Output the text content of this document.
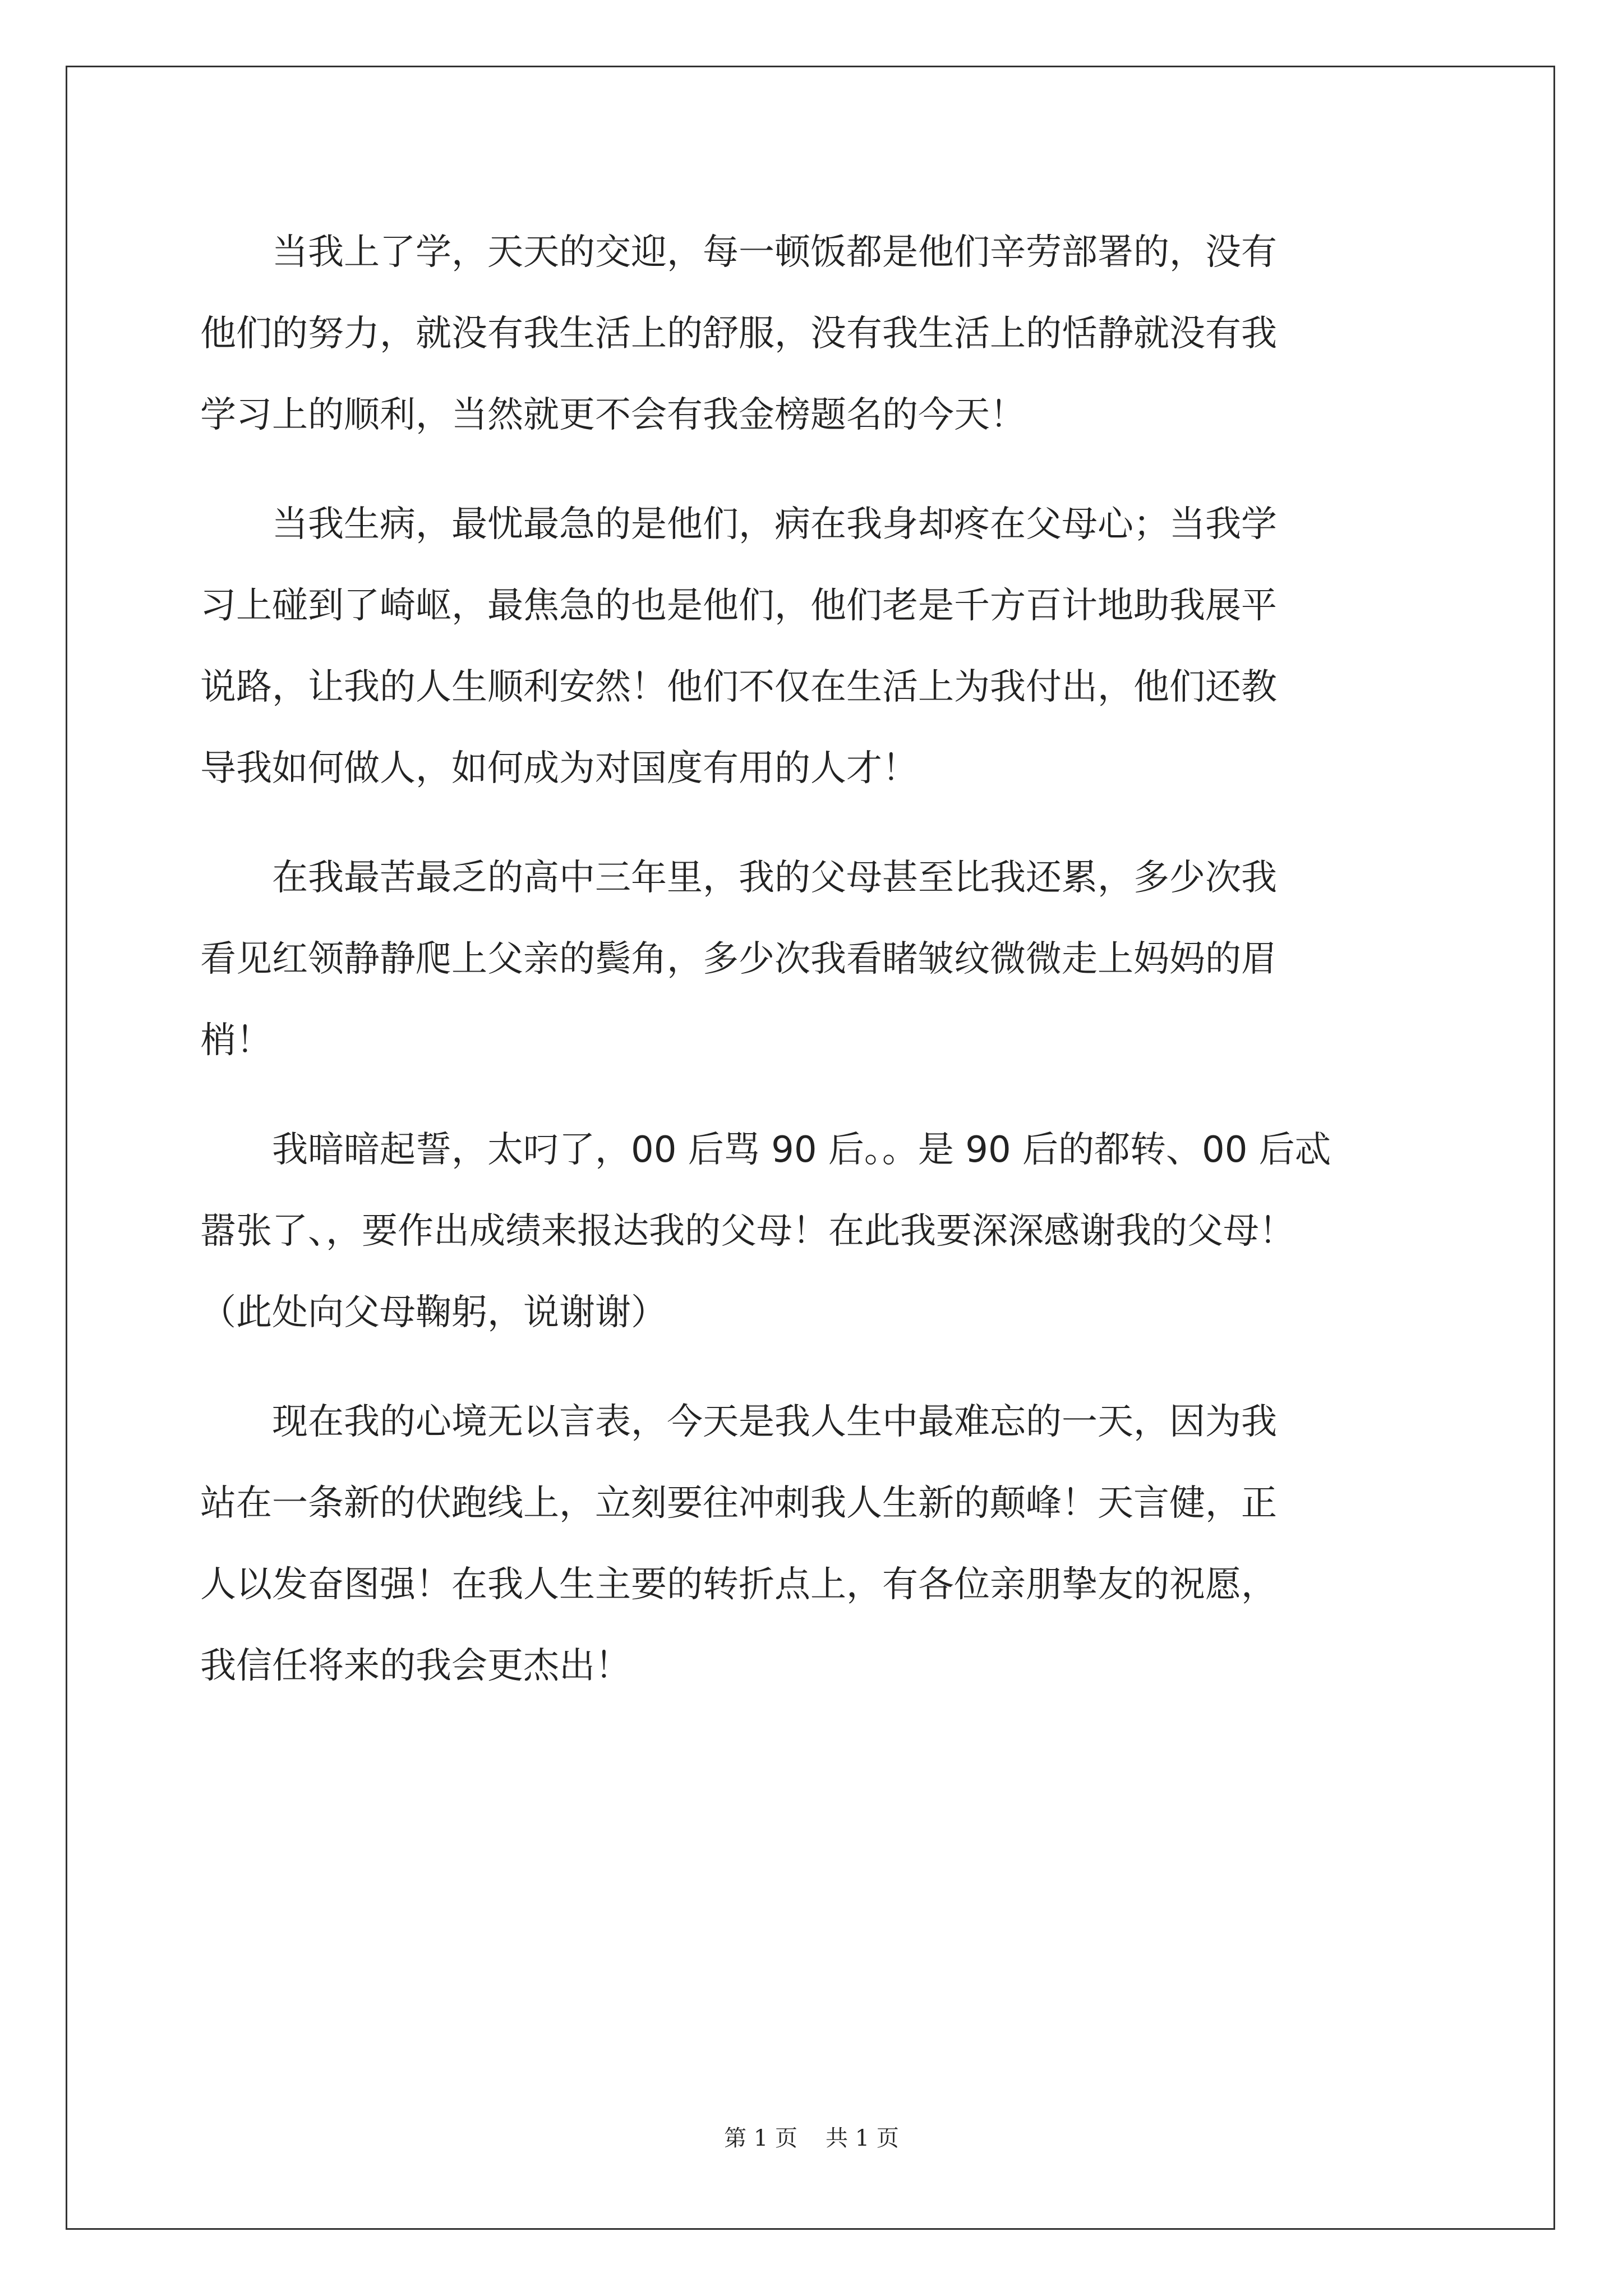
当我上了学，天天的交迎，每一顿饭都是他们辛劳部署的，没有
他们的努力，就没有我生活上的舒服，没有我生活上的恬静就没有我
学习上的顺利，当然就更不会有我金榜题名的今天！

当我生病，最忧最急的是他们，病在我身却疼在父母心；当我学
习上碰到了崎岖，最焦急的也是他们，他们老是千方百计地助我展平
说路，让我的人生顺利安然！他们不仅在生活上为我付出，他们还教
导我如何做人，如何成为对国度有用的人才！

在我最苦最乏的高中三年里，我的父母甚至比我还累，多少次我
看见红领静静爬上父亲的鬓角，多少次我看睹皱纹微微走上妈妈的眉
梢！

我暗暗起誓，太叼了，00 后骂 90 后。。是 90 后的都转、00 后忒
嚣张了、，要作出成绩来报达我的父母！在此我要深深感谢我的父母！
（此处向父母鞠躬，说谢谢）

现在我的心境无以言表，今天是我人生中最难忘的一天，因为我
站在一条新的伏跑线上，立刻要往冲刺我人生新的颠峰！天言健，正
人以发奋图强！在我人生主要的转折点上，有各位亲朋挚友的祝愿，
我信任将来的我会更杰出！

第 1 页 共 1 页
